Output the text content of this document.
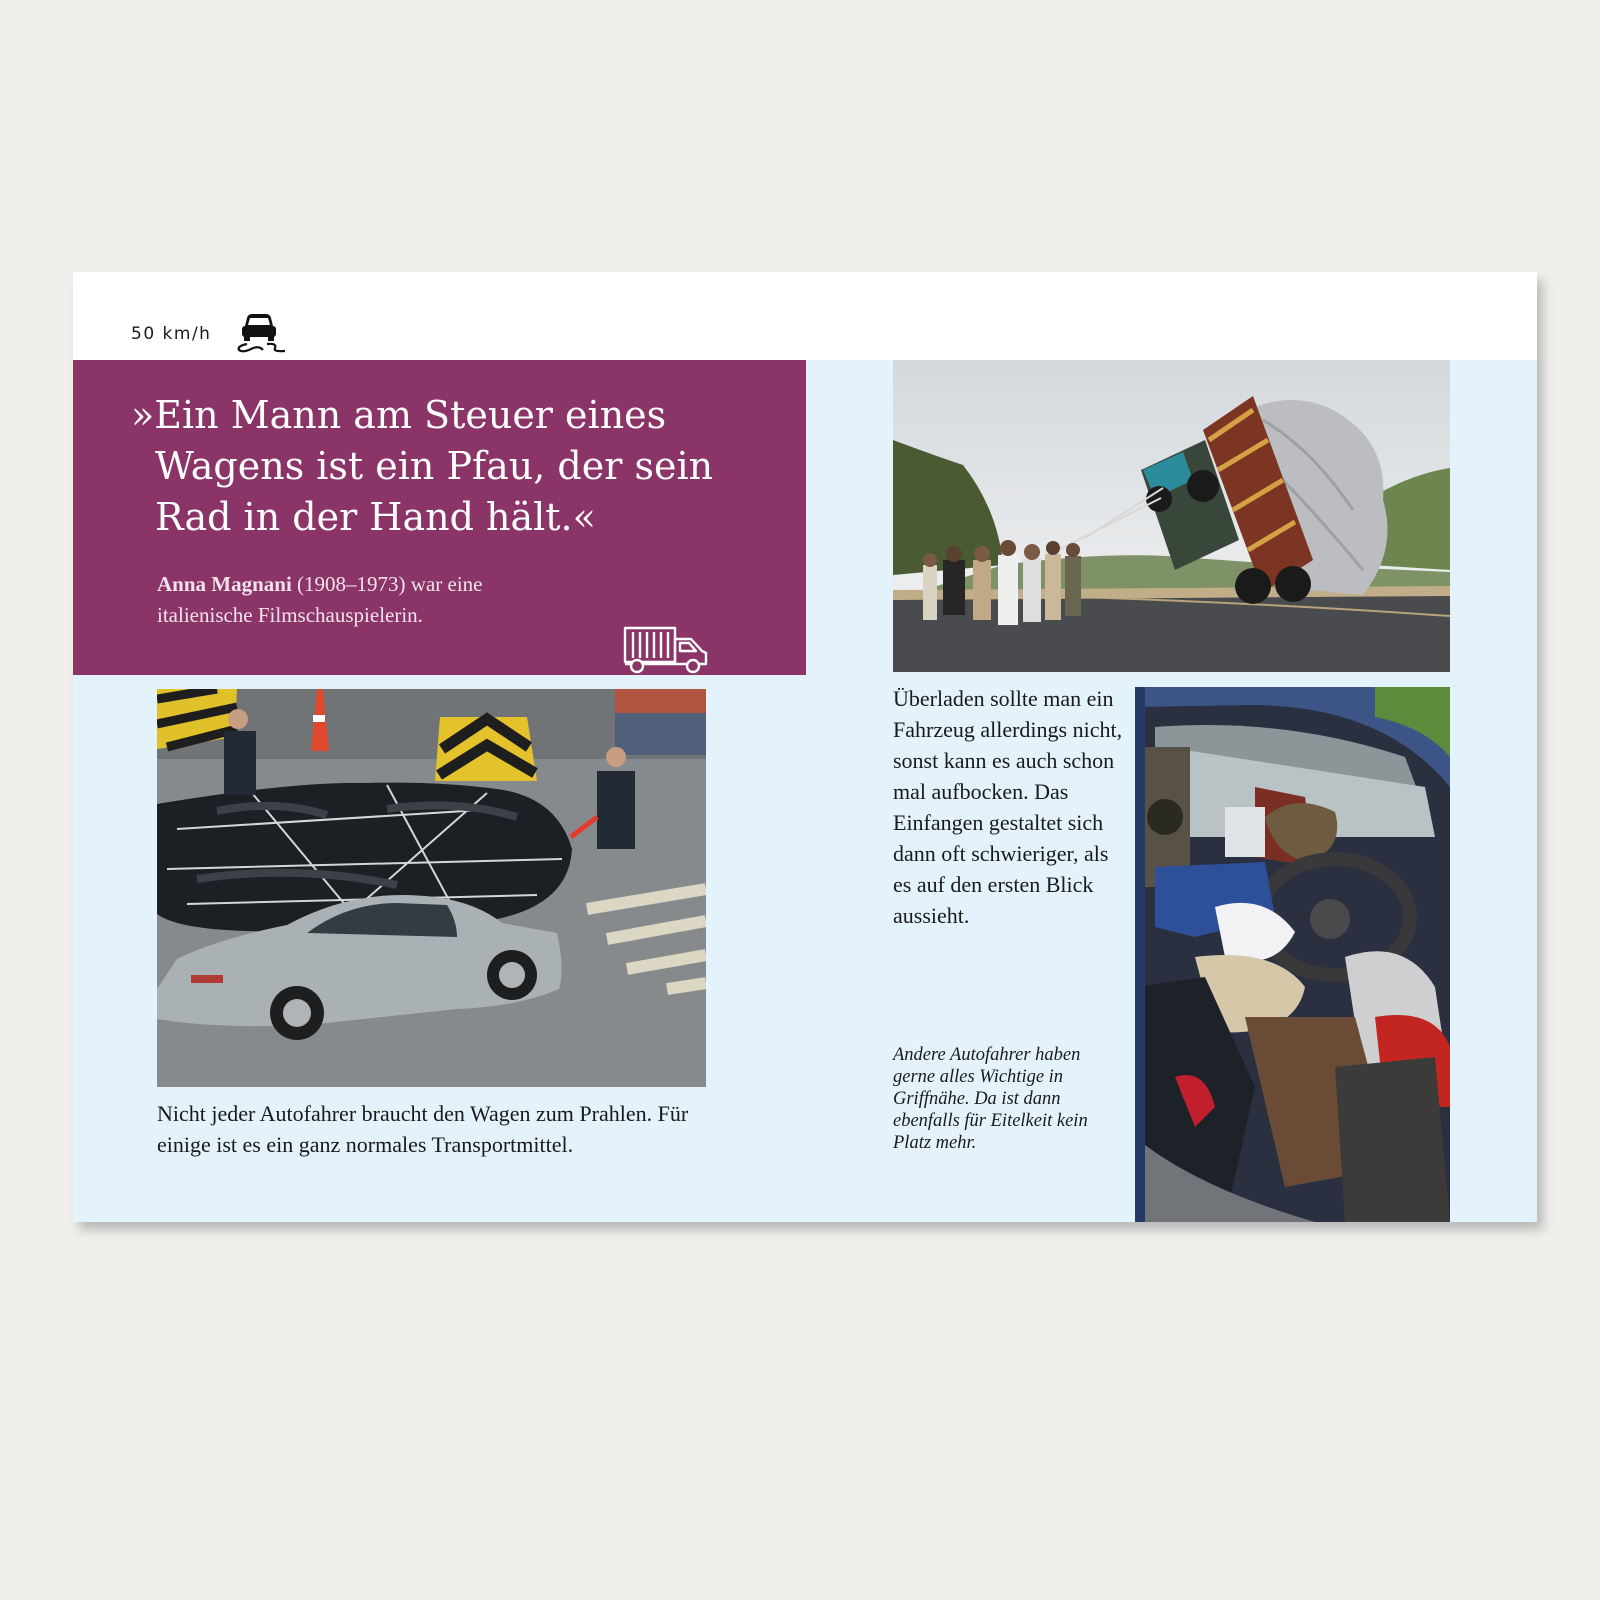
50 km/h

»Ein Mann am Steuer eines Wagens ist ein Pfau, der sein Rad in der Hand hält.«

Anna Magnani (1908–1973) war eine italienische Filmschauspielerin.

Nicht jeder Autofahrer braucht den Wagen zum Prahlen. Für einige ist es ein ganz normales Transportmittel.

Überladen sollte man ein Fahrzeug allerdings nicht, sonst kann es auch schon mal aufbocken. Das Einfangen gestaltet sich dann oft schwieriger, als es auf den ersten Blick aussieht.

Andere Autofahrer haben gerne alles Wichtige in Griffnähe. Da ist dann ebenfalls für Eitelkeit kein Platz mehr.
